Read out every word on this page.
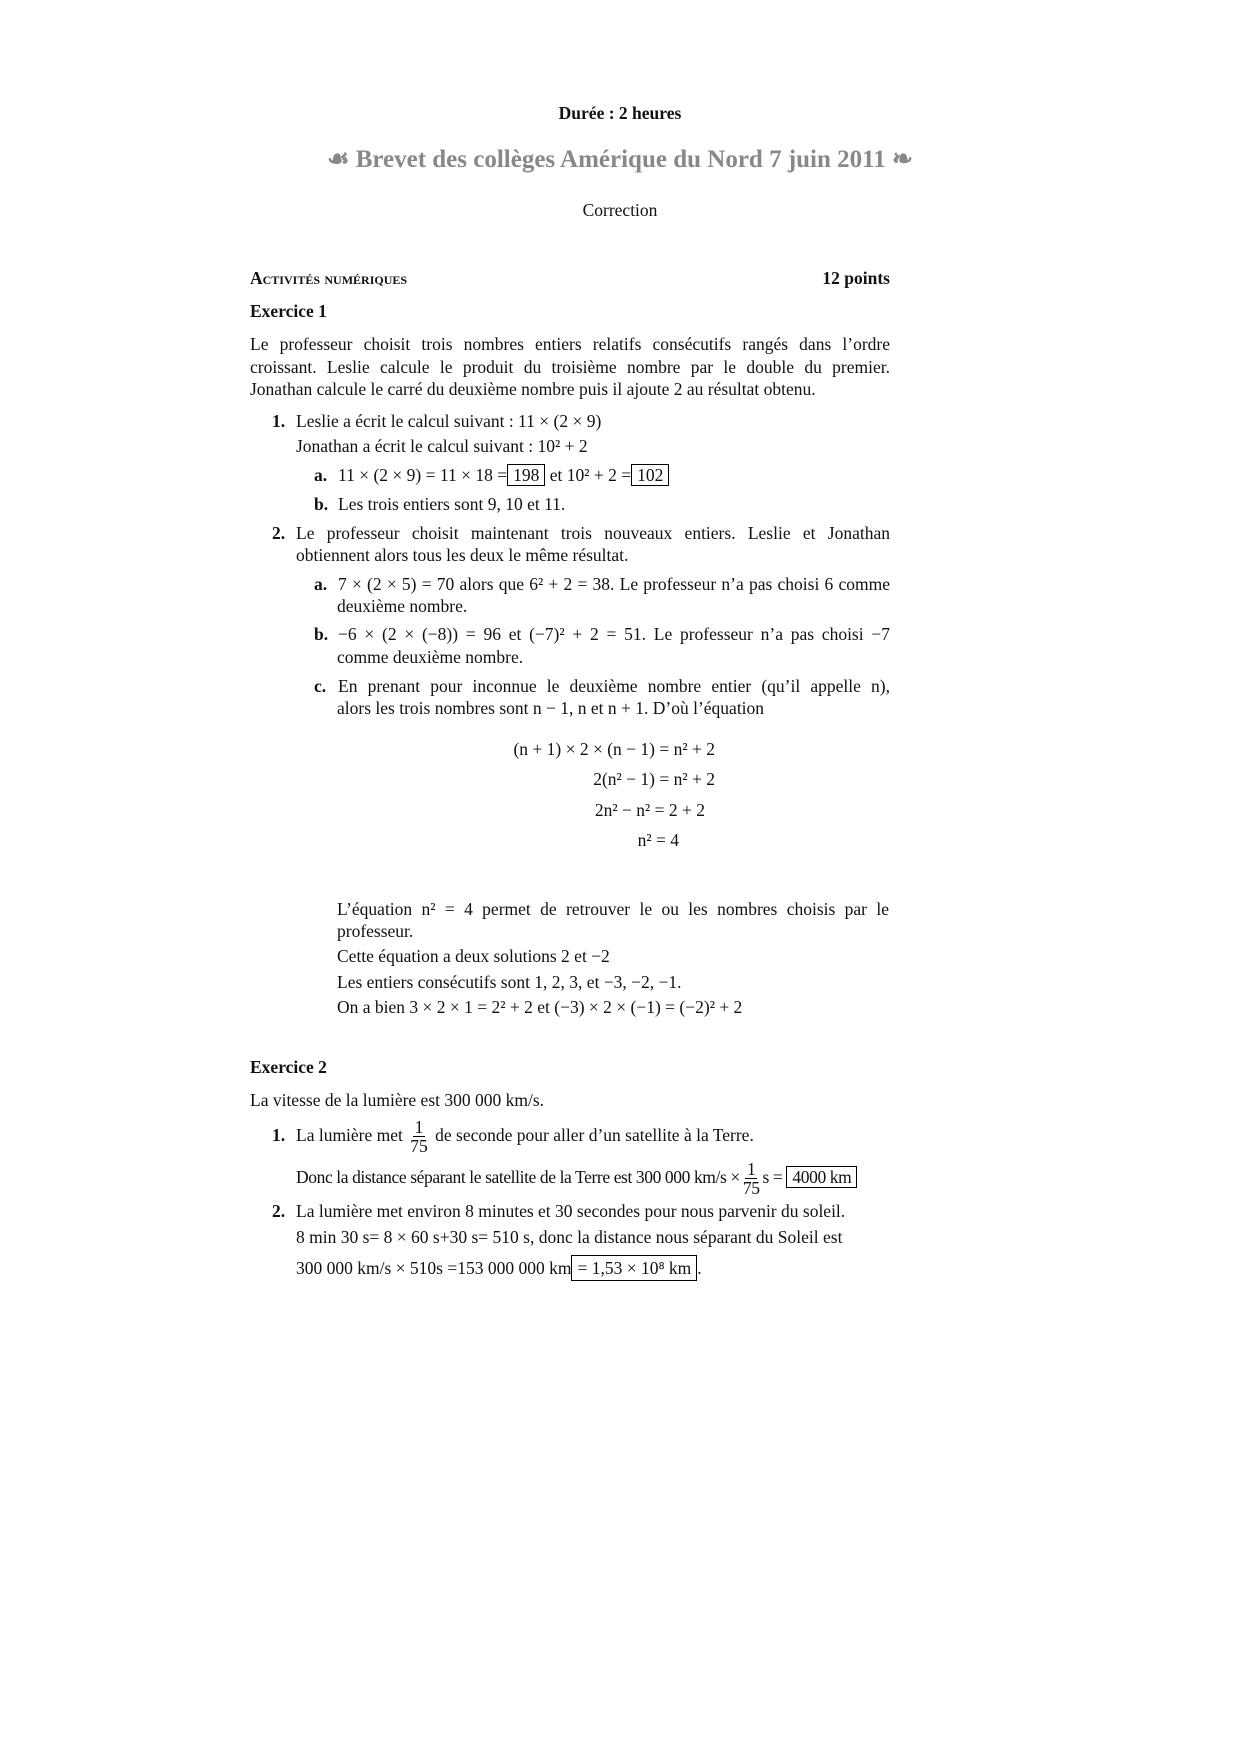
Durée : 2 heures
☙ Brevet des collèges Amérique du Nord 7 juin 2011 ❧
Correction
Activités numériques	12 points
Exercice 1
Le professeur choisit trois nombres entiers relatifs consécutifs rangés dans l’ordre
croissant. Leslie calcule le produit du troisième nombre par le double du premier.
Jonathan calcule le carré du deuxième nombre puis il ajoute 2 au résultat obtenu.
1. Leslie a écrit le calcul suivant : 11 × (2 × 9)
Jonathan a écrit le calcul suivant : 10² + 2
a. 11 × (2 × 9) = 11 × 18 = 198 et 10² + 2 = 102
b. Les trois entiers sont 9, 10 et 11.
2. Le professeur choisit maintenant trois nouveaux entiers. Leslie et Jonathan
obtiennent alors tous les deux le même résultat.
a. 7 × (2 × 5) = 70 alors que 6² + 2 = 38. Le professeur n’a pas choisi 6 comme
deuxième nombre.
b. −6 × (2 × (−8)) = 96 et (−7)² + 2 = 51. Le professeur n’a pas choisi −7
comme deuxième nombre.
c. En prenant pour inconnue le deuxième nombre entier (qu’il appelle n),
alors les trois nombres sont n − 1, n et n + 1. D’où l’équation
(n + 1) × 2 × (n − 1) = n² + 2
2(n² − 1) = n² + 2
2n² − n² = 2 + 2
n² = 4
L’équation n² = 4 permet de retrouver le ou les nombres choisis par le
professeur.
Cette équation a deux solutions 2 et −2
Les entiers consécutifs sont 1, 2, 3, et −3, −2, −1.
On a bien 3 × 2 × 1 = 2² + 2 et (−3) × 2 × (−1) = (−2)² + 2
Exercice 2
La vitesse de la lumière est 300 000 km/s.
1. La lumière met $\frac{1}{75}$ de seconde pour aller d’un satellite à la Terre.
Donc la distance séparant le satellite de la Terre est 300 000 $km/s \times \frac{1}{75}$ s = 4000 km
2. La lumière met environ 8 minutes et 30 secondes pour nous parvenir du soleil.
8 min 30 s= 8 × 60 s+30 s= 510 s, donc la distance nous séparant du Soleil est
300 000 km/s × 510s =153 000 000 km = 1,53 × 10⁸ km .
